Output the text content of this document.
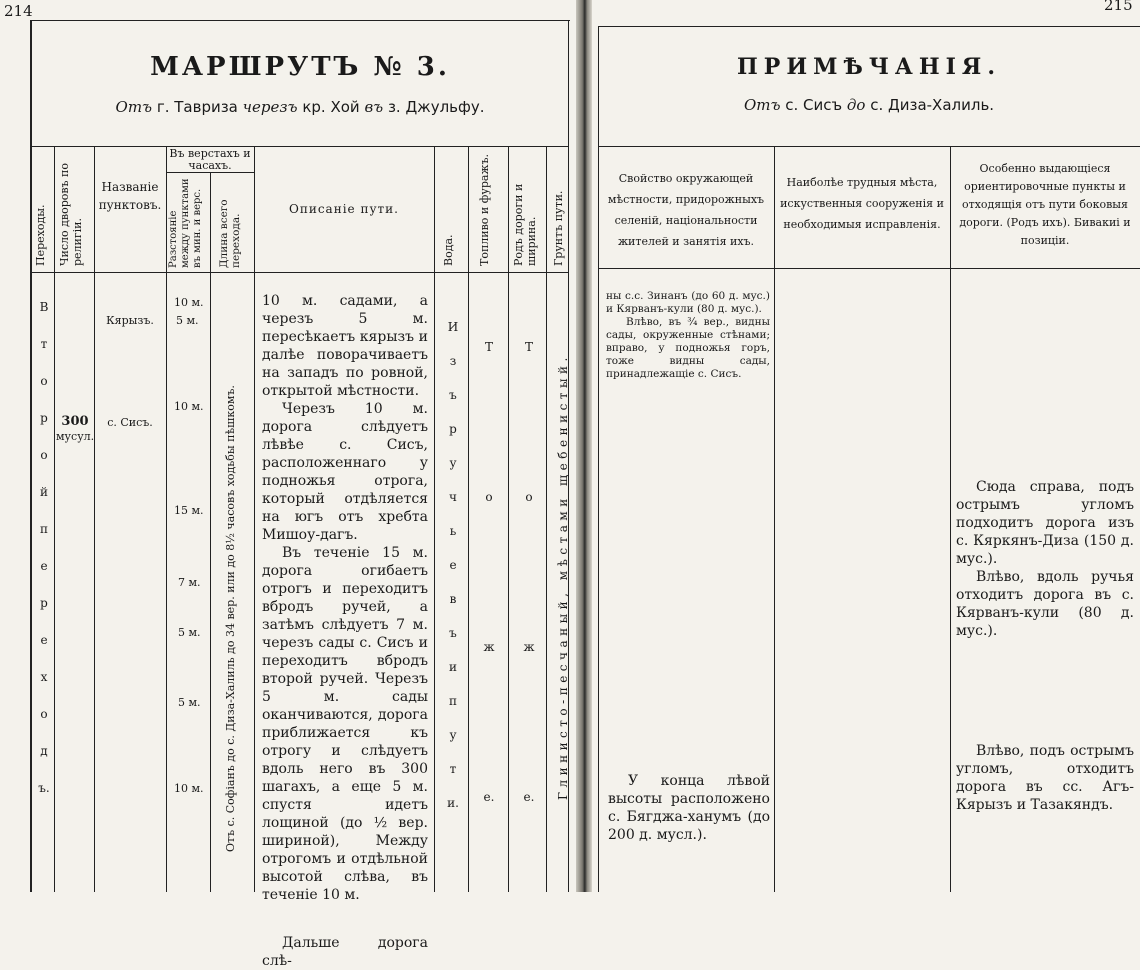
214
МАРШРУТЪ № 3.
Отъ г. Тавриза черезъ кр. Хой въ з. Джульфу.
Переходы. Число дворовъ по религіи.
Названіе пунктовъ.
Въ верстахъ и часахъ.
Разстояніе между пунктами въ мин. и верс. Длина всего перехода.
Описаніе пути.
Вода. Топливо и фуражъ. Родъ дороги и ширина. Грунтъ пути.
В
т
о
р
о
й
п
е
р
е
х
о
д
ъ.
300
мусул.
Кярызъ.
с. Сисъ.
10 м.
5 м.
10 м.
15 м.
7 м.
5 м.
5 м.
10 м. Отъ с. Софіанъ до с. Диза-Халиль до 34 вер. или до 8½ часовъ ходьбы пѣшкомъ.

10 м. садами, а черезъ 5 м. пересѣкаетъ кярызъ и далѣе поворачиваетъ на западъ по ровной, открытой мѣстности.

Черезъ 10 м. дорога слѣдуетъ лѣвѣе с. Сисъ, расположеннаго у подножья отрога, который отдѣляется на югъ отъ хребта Мишоу-дагъ.

Въ теченіе 15 м. дорога огибаетъ отрогъ и переходитъ вбродъ ручей, а затѣмъ слѣдуетъ 7 м. черезъ сады с. Сисъ и переходитъ вбродъ второй ручей. Черезъ 5 м. сады оканчиваются, дорога приближается къ отрогу и слѣдуетъ вдоль него въ 300 шагахъ, а еще 5 м. спустя идетъ лощиной (до ½ вер. шириной), Между отрогомъ и отдѣльной высотой слѣва, въ теченіе 10 м.

Дальше дорога слѣ-

И
з
ъ
р
у
ч
ь
е
в
ъ
и
п
у
т
и.
Т
о
ж
е.
Т
о
ж
е. Глинисто-песчаный, мѣстами щебенистый.
215
ПРИМѢЧАНІЯ.
Отъ с. Сисъ до с. Диза-Халиль.
Свойство окружающей мѣстности, придорожныхъ селеній, національности жителей и занятія ихъ.
Наиболѣе трудныя мѣста, искуственныя сооруженія и необходимыя исправленія.
Особенно выдающіеся ориентировочные пункты и отходящія отъ пути боковыя дороги. (Родъ ихъ). Бивакиі и позиціи.

ны с.с. Зинанъ (до 60 д. мус.) и Кярванъ-кули (80 д. мус.).

Влѣво, въ ¾ вер., видны сады, окруженные стѣнами; вправо, у подножья горъ, тоже видны сады, принадлежащіе с. Сисъ.

У конца лѣвой высоты расположено с. Бягджа-ханумъ (до 200 д. мусл.).

Сюда справа, подъ острымъ угломъ подходитъ дорога изъ с. Кяркянъ-Диза (150 д. мус.).

Влѣво, вдоль ручья отходитъ дорога въ с. Кярванъ-кули (80 д. мус.).

Влѣво, подъ острымъ угломъ, отходитъ дорога въ сс. Агъ-Кярызъ и Тазакяндъ.
